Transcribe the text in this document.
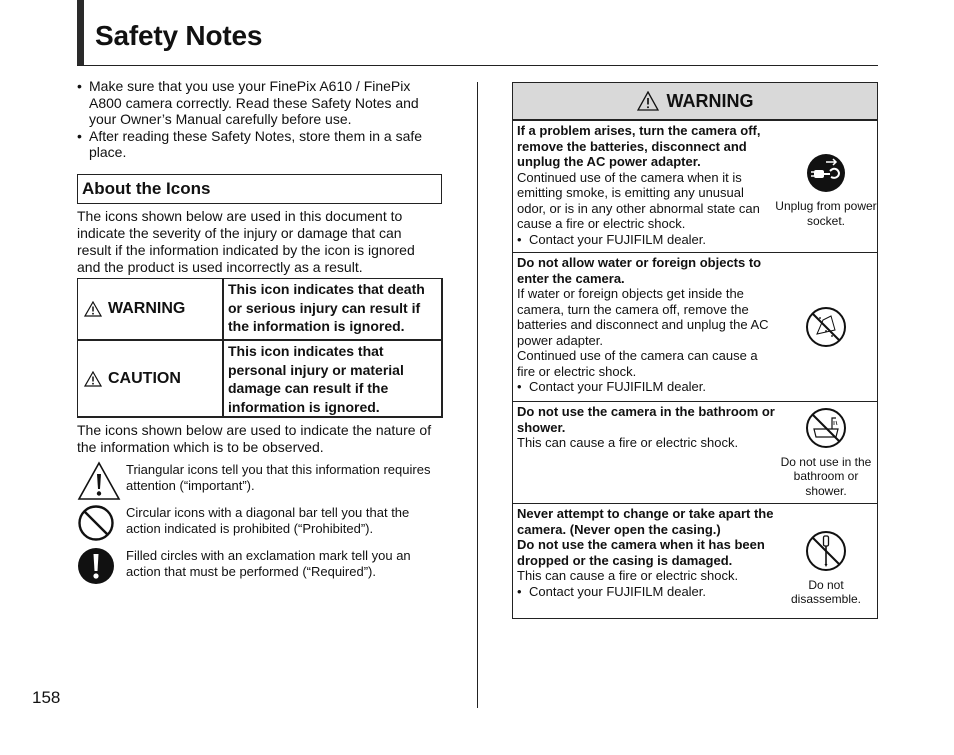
Safety Notes
• Make sure that you use your FinePix A610 / FinePix A800 camera correctly. Read these Safety Notes and your Owner’s Manual carefully before use.
• After reading these Safety Notes, store them in a safe place.
About the Icons

The icons shown below are used in this document to indicate the severity of the injury or damage that can result if the information indicated by the icon is ignored and the product is used incorrectly as a result.

WARNING
This icon indicates that death or serious injury can result if the information is ignored.
CAUTION
This icon indicates that personal injury or material damage can result if the information is ignored.

The icons shown below are used to indicate the nature of the information which is to be observed.

Triangular icons tell you that this information requires attention (“important”).
Circular icons with a diagonal bar tell you that the action indicated is prohibited (“Prohibited”).
Filled circles with an exclamation mark tell you an action that must be performed (“Required”).
158
WARNING
If a problem arises, turn the camera off, remove the batteries, disconnect and unplug the AC power adapter.
Continued use of the camera when it is emitting smoke, is emitting any unusual odor, or is in any other abnormal state can cause a fire or electric shock.
• Contact your FUJIFILM dealer.
Unplug from power socket.
Do not allow water or foreign objects to enter the camera.
If water or foreign objects get inside the camera, turn the camera off, remove the batteries and disconnect and unplug the AC power adapter.
Continued use of the camera can cause a fire or electric shock.
• Contact your FUJIFILM dealer.
Do not use the camera in the bathroom or shower.
This can cause a fire or electric shock.
Do not use in the bathroom or shower.
Never attempt to change or take apart the camera. (Never open the casing.)
Do not use the camera when it has been dropped or the casing is damaged.
This can cause a fire or electric shock.
• Contact your FUJIFILM dealer.	Do not disassemble.
